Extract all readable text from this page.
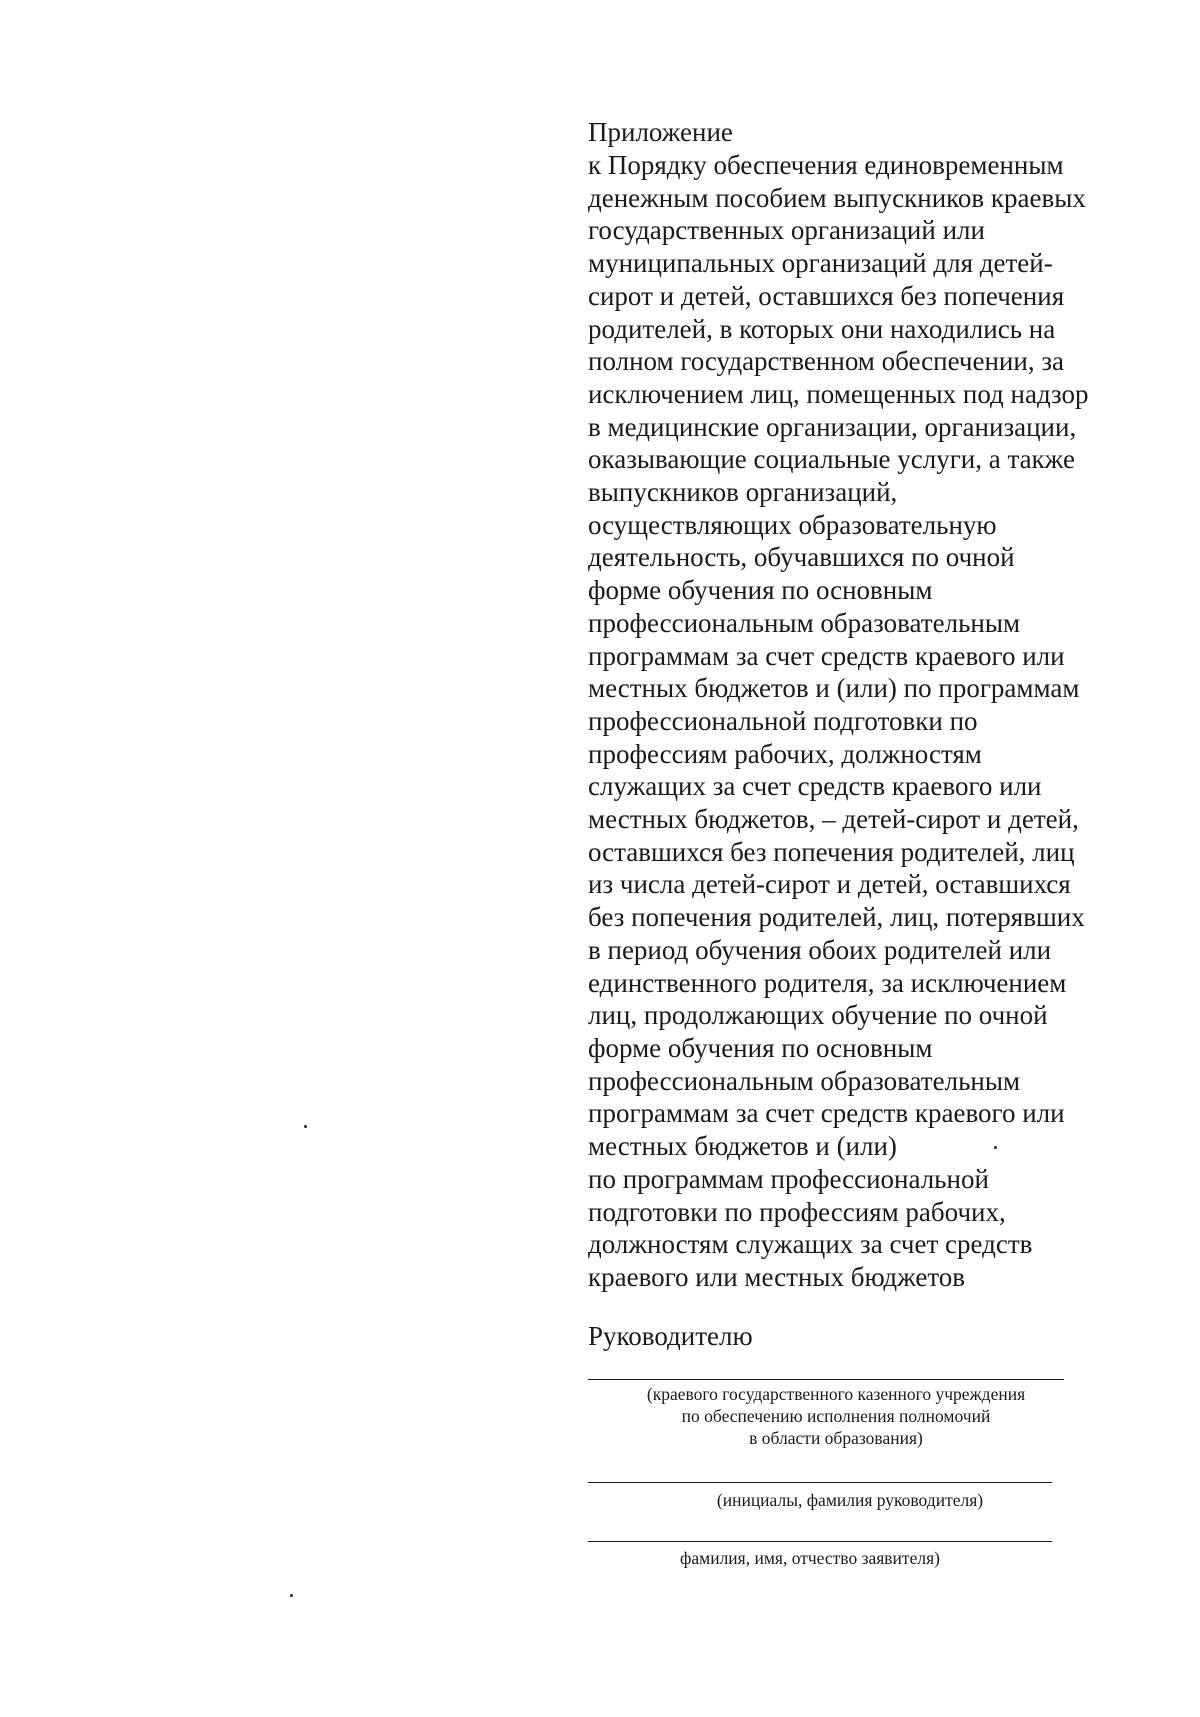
Приложение
к Порядку обеспечения единовременным
денежным пособием выпускников краевых
государственных организаций или
муниципальных организаций для детей-
сирот и детей, оставшихся без попечения
родителей, в которых они находились на
полном государственном обеспечении, за
исключением лиц, помещенных под надзор
в медицинские организации, организации,
оказывающие социальные услуги, а также
выпускников организаций,
осуществляющих образовательную
деятельность, обучавшихся по очной
форме обучения по основным
профессиональным образовательным
программам за счет средств краевого или
местных бюджетов и (или) по программам
профессиональной подготовки по
профессиям рабочих, должностям
служащих за счет средств краевого или
местных бюджетов, – детей-сирот и детей,
оставшихся без попечения родителей, лиц
из числа детей-сирот и детей, оставшихся
без попечения родителей, лиц, потерявших
в период обучения обоих родителей или
единственного родителя, за исключением
лиц, продолжающих обучение по очной
форме обучения по основным
профессиональным образовательным
программам за счет средств краевого или
местных бюджетов и (или)
по программам профессиональной
подготовки по профессиям рабочих,
должностям служащих за счет средств
краевого или местных бюджетов
Руководителю
(краевого государственного казенного учреждения
по обеспечению исполнения полномочий
в области образования)
(инициалы, фамилия руководителя)
фамилия, имя, отчество заявителя)
